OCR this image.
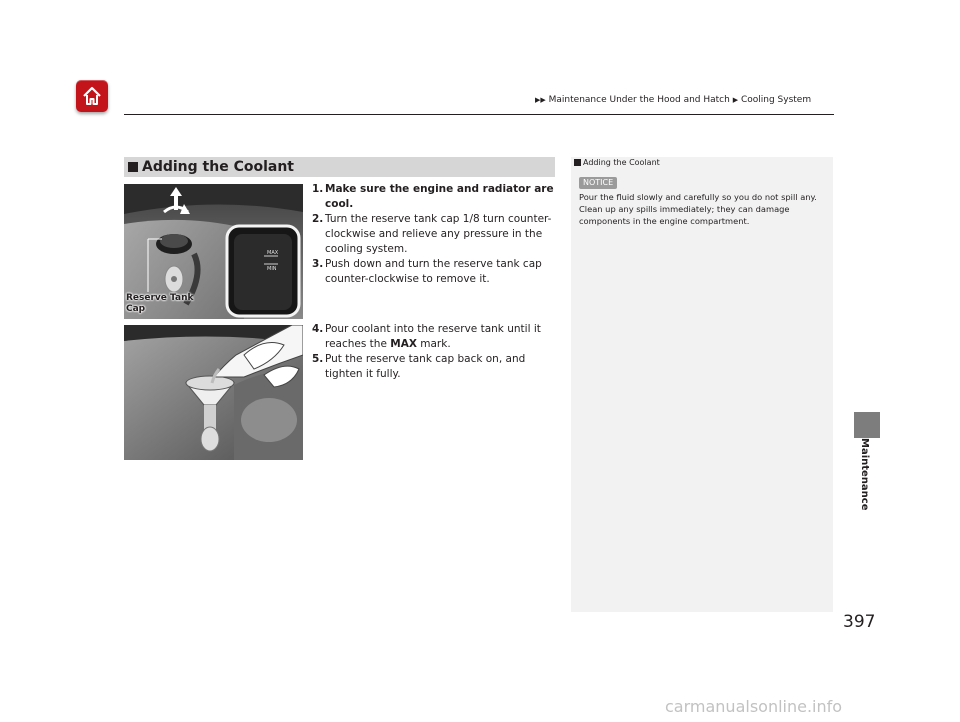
▶▶ Maintenance Under the Hood and Hatch ▶ Cooling System
Adding the Coolant
MAX
MIN
Reserve Tank Cap
1. Make sure the engine and radiator are cool.
2. Turn the reserve tank cap 1/8 turn counter-clockwise and relieve any pressure in the cooling system.
3. Push down and turn the reserve tank cap counter-clockwise to remove it.
4. Pour coolant into the reserve tank until it reaches the MAX mark.
5. Put the reserve tank cap back on, and tighten it fully.
Adding the Coolant
NOTICE
Pour the fluid slowly and carefully so you do not spill any. Clean up any spills immediately; they can damage components in the engine compartment.
Maintenance
397
carmanualsonline.info
